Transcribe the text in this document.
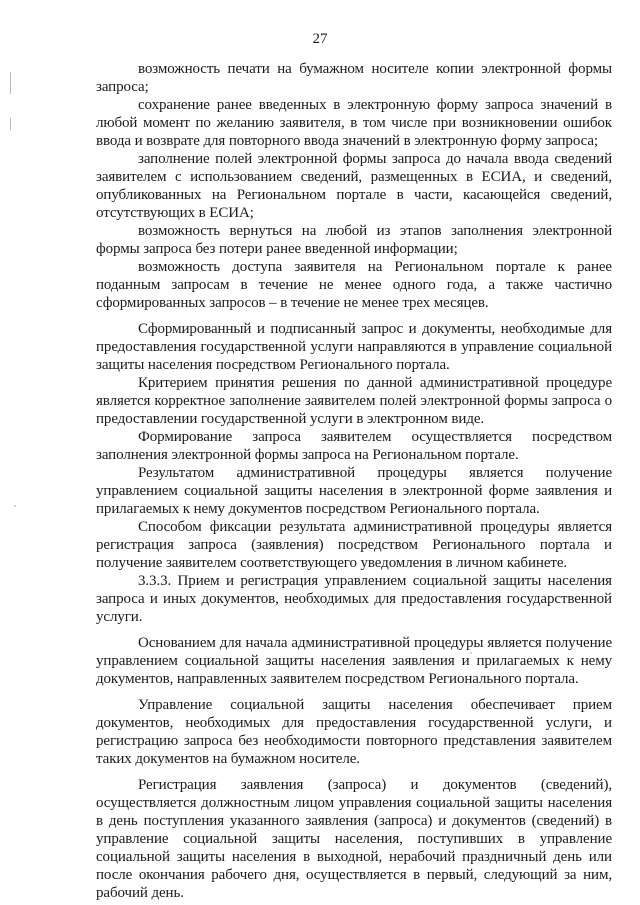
27

возможность печати на бумажном носителе копии электронной формы запроса;

сохранение ранее введенных в электронную форму запроса значений в любой момент по желанию заявителя, в том числе при возникновении ошибок ввода и возврате для повторного ввода значений в электронную форму запроса;

заполнение полей электронной формы запроса до начала ввода сведений заявителем с использованием сведений, размещенных в ЕСИА, и сведений, опубликованных на Региональном портале в части, касающейся сведений, отсутствующих в ЕСИА;

возможность вернуться на любой из этапов заполнения электронной формы запроса без потери ранее введенной информации;

возможность доступа заявителя на Региональном портале к ранее поданным запросам в течение не менее одного года, а также частично сформированных запросов – в течение не менее трех месяцев.

Сформированный и подписанный запрос и документы, необходимые для предоставления государственной услуги направляются в управление социальной защиты населения посредством Регионального портала.

Критерием принятия решения по данной административной процедуре является корректное заполнение заявителем полей электронной формы запроса о предоставлении государственной услуги в электронном виде.

Формирование запроса заявителем осуществляется посредством заполнения электронной формы запроса на Региональном портале.

Результатом административной процедуры является получение управлением социальной защиты населения в электронной форме заявления и прилагаемых к нему документов посредством Регионального портала.

Способом фиксации результата административной процедуры является регистрация запроса (заявления) посредством Регионального портала и получение заявителем соответствующего уведомления в личном кабинете.

3.3.3. Прием и регистрация управлением социальной защиты населения запроса и иных документов, необходимых для предоставления государственной услуги.

Основанием для начала административной процедуры является получение управлением социальной защиты населения заявления и прилагаемых к нему документов, направленных заявителем посредством Регионального портала.

Управление социальной защиты населения обеспечивает прием документов, необходимых для предоставления государственной услуги, и регистрацию запроса без необходимости повторного представления заявителем таких документов на бумажном носителе.

Регистрация заявления (запроса) и документов (сведений), осуществляется должностным лицом управления социальной защиты населения в день поступления указанного заявления (запроса) и документов (сведений) в управление социальной защиты населения, поступивших в управление социальной защиты населения в выходной, нерабочий праздничный день или после окончания рабочего дня, осуществляется в первый, следующий за ним, рабочий день.
